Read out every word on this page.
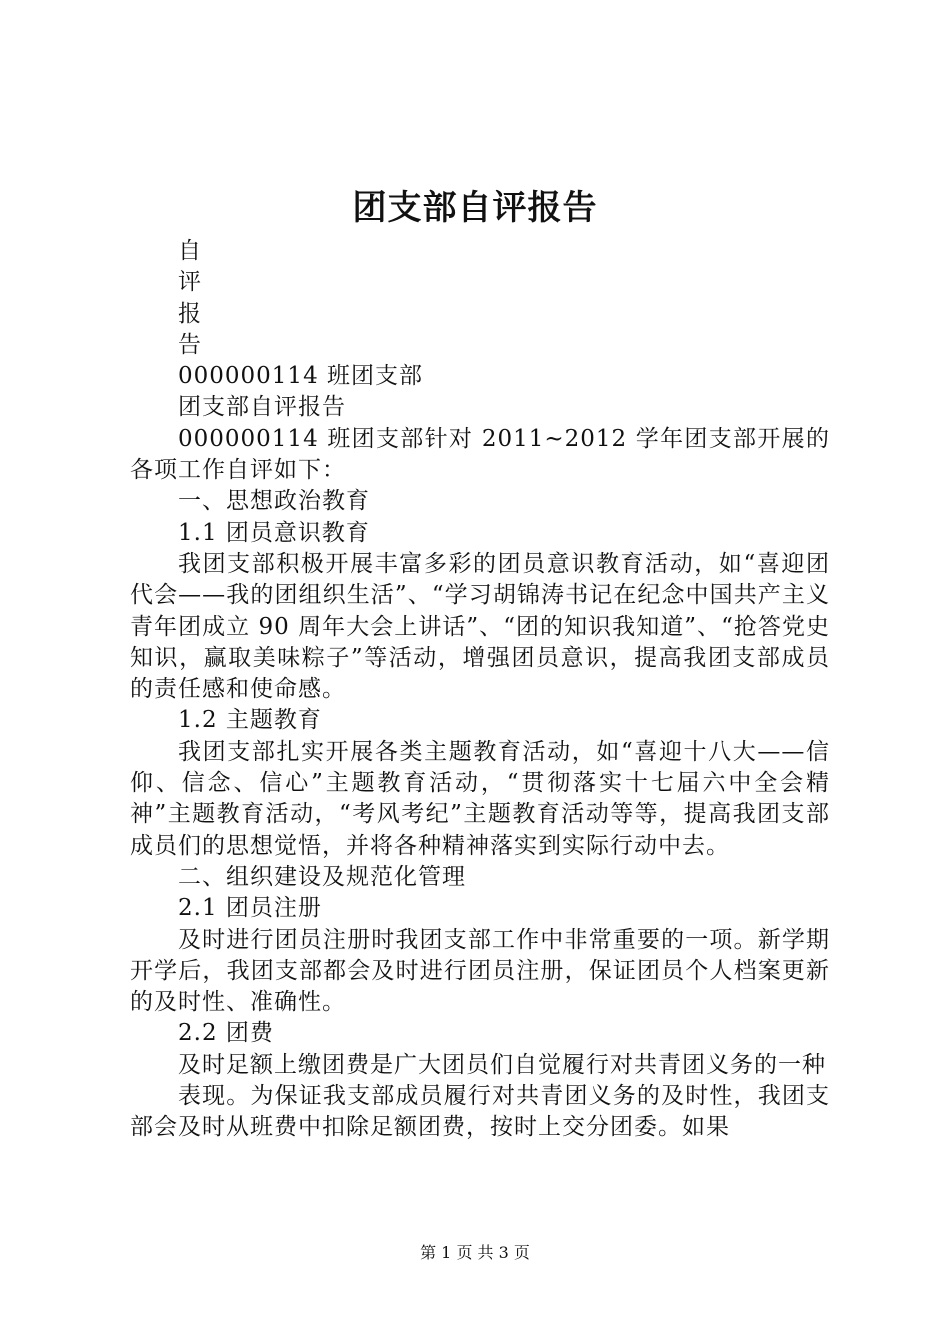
团支部自评报告
自
评
报
告
000000114 班团支部
团支部自评报告

000000114 班团支部针对 2011~2012 学年团支部开展的各项工作自评如下：

一、思想政治教育
1.1 团员意识教育

我团支部积极开展丰富多彩的团员意识教育活动，如“喜迎团代会——我的团组织生活”、“学习胡锦涛书记在纪念中国共产主义青年团成立 90 周年大会上讲话”、“团的知识我知道”、“抢答党史知识，赢取美味粽子”等活动，增强团员意识，提高我团支部成员的责任感和使命感。

1.2 主题教育

我团支部扎实开展各类主题教育活动，如“喜迎十八大——信仰、信念、信心”主题教育活动，“贯彻落实十七届六中全会精神”主题教育活动，“考风考纪”主题教育活动等等，提高我团支部成员们的思想觉悟，并将各种精神落实到实际行动中去。

二、组织建设及规范化管理
2.1 团员注册

及时进行团员注册时我团支部工作中非常重要的一项。新学期开学后，我团支部都会及时进行团员注册，保证团员个人档案更新的及时性、准确性。

2.2 团费

及时足额上缴团费是广大团员们自觉履行对共青团义务的一种

表现。为保证我支部成员履行对共青团义务的及时性，我团支部会及时从班费中扣除足额团费，按时上交分团委。如果

第 1 页 共 3 页
